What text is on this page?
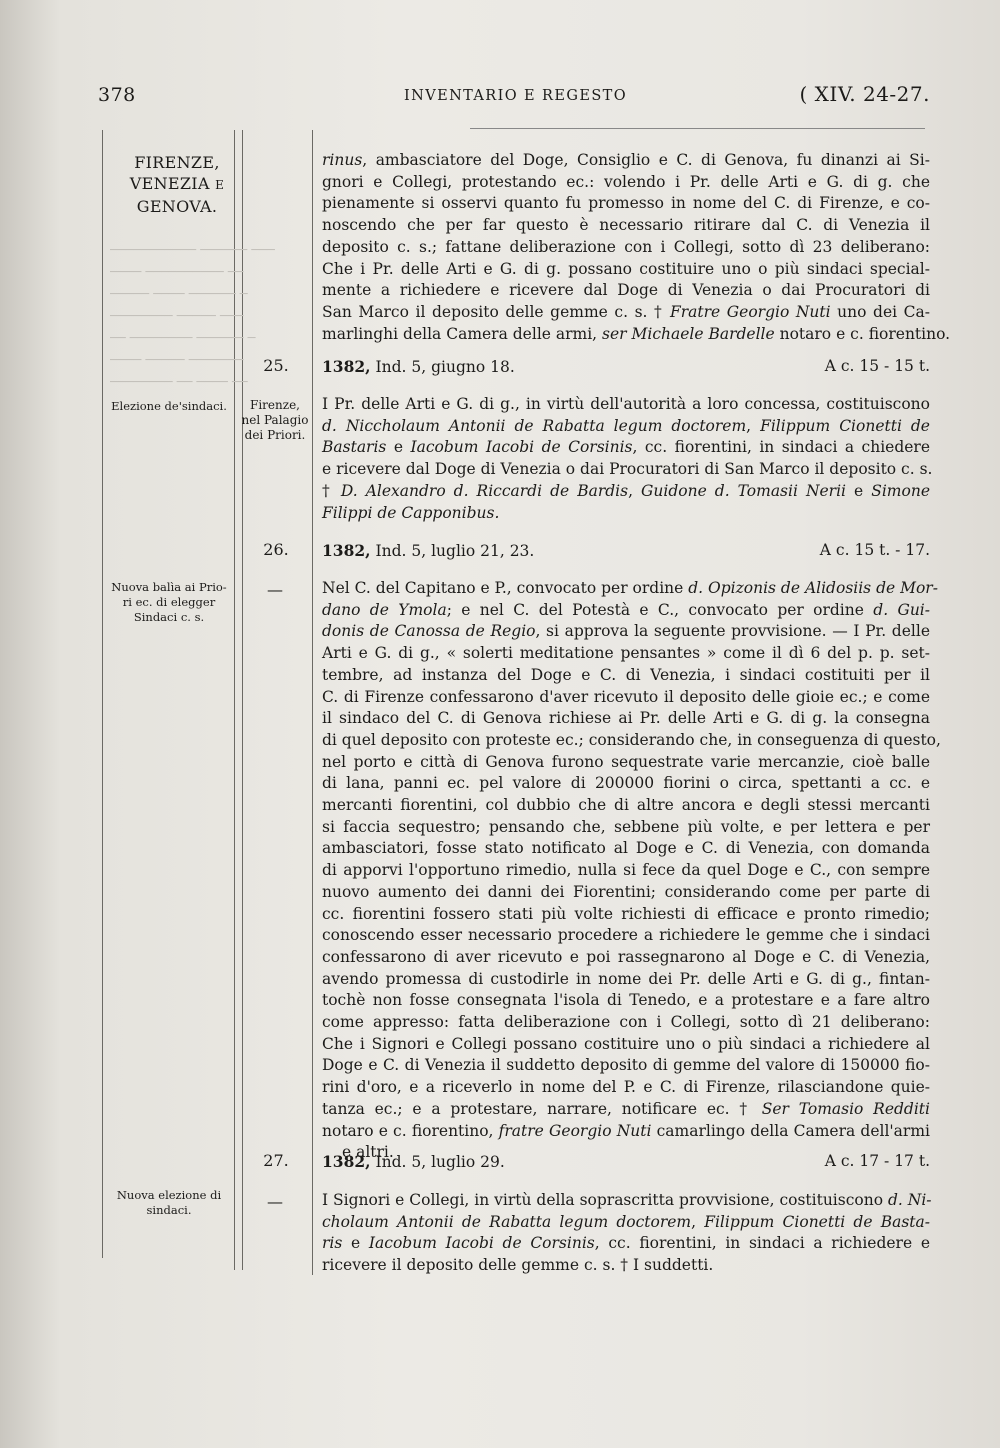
378	INVENTARIO E REGESTO	( XIV. 24-27.
─────────── ────── ───
──── ────────── ──
───── ──── ────── ─
──────── ───── ───
── ──────── ────── ─
──── ───── ───────
──────── ── ──── ──
FIRENZE,
VENEZIA E
GENOVA.
rinus, ambasciatore del Doge, Consiglio e C. di Genova, fu dinanzi ai Si-
gnori e Collegi, protestando ec.: volendo i Pr. delle Arti e G. di g. che
pienamente si osservi quanto fu promesso in nome del C. di Firenze, e co-
noscendo che per far questo è necessario ritirare dal C. di Venezia il
deposito c. s.; fattane deliberazione con i Collegi, sotto dì 23 deliberano:
Che i Pr. delle Arti e G. di g. possano costituire uno o più sindaci special-
mente a richiedere e ricevere dal Doge di Venezia o dai Procuratori di
San Marco il deposito delle gemme c. s. † Fratre Georgio Nuti uno dei Ca-
marlinghi della Camera delle armi, ser Michaele Bardelle notaro e c. fiorentino.
25.	1382, Ind. 5, giugno 18.	A c. 15 - 15 t.
Elezione de'sindaci.	Firenze,
nel Palagio
dei Priori.
I Pr. delle Arti e G. di g., in virtù dell'autorità a loro concessa, costituiscono
d. Niccholaum Antonii de Rabatta legum doctorem, Filippum Cionetti de
Bastaris e Iacobum Iacobi de Corsinis, cc. fiorentini, in sindaci a chiedere
e ricevere dal Doge di Venezia o dai Procuratori di San Marco il deposito c. s.
† D. Alexandro d. Riccardi de Bardis, Guidone d. Tomasii Nerii e Simone
Filippi de Capponibus.
26.	1382, Ind. 5, luglio 21, 23.	A c. 15 t. - 17.
Nuova balìa ai Prio-
ri ec. di elegger
Sindaci c. s.
—	Nel C. del Capitano e P., convocato per ordine d. Opizonis de Alidosiis de Mor-
dano de Ymola; e nel C. del Potestà e C., convocato per ordine d. Gui-
donis de Canossa de Regio, si approva la seguente provvisione. — I Pr. delle
Arti e G. di g., « solerti meditatione pensantes » come il dì 6 del p. p. set-
tembre, ad instanza del Doge e C. di Venezia, i sindaci costituiti per il
C. di Firenze confessarono d'aver ricevuto il deposito delle gioie ec.; e come
il sindaco del C. di Genova richiese ai Pr. delle Arti e G. di g. la consegna
di quel deposito con proteste ec.; considerando che, in conseguenza di questo,
nel porto e città di Genova furono sequestrate varie mercanzie, cioè balle
di lana, panni ec. pel valore di 200000 fiorini o circa, spettanti a cc. e
mercanti fiorentini, col dubbio che di altre ancora e degli stessi mercanti
si faccia sequestro; pensando che, sebbene più volte, e per lettera e per
ambasciatori, fosse stato notificato al Doge e C. di Venezia, con domanda
di apporvi l'opportuno rimedio, nulla si fece da quel Doge e C., con sempre
nuovo aumento dei danni dei Fiorentini; considerando come per parte di
cc. fiorentini fossero stati più volte richiesti di efficace e pronto rimedio;
conoscendo esser necessario procedere a richiedere le gemme che i sindaci
confessarono di aver ricevuto e poi rassegnarono al Doge e C. di Venezia,
avendo promessa di custodirle in nome dei Pr. delle Arti e G. di g., fintan-
tochè non fosse consegnata l'isola di Tenedo, e a protestare e a fare altro
come appresso: fatta deliberazione con i Collegi, sotto dì 21 deliberano:
Che i Signori e Collegi possano costituire uno o più sindaci a richiedere al
Doge e C. di Venezia il suddetto deposito di gemme del valore di 150000 fio-
rini d'oro, e a riceverlo in nome del P. e C. di Firenze, rilasciandone quie-
tanza ec.; e a protestare, narrare, notificare ec. † Ser Tomasio Redditi
notaro e c. fiorentino, fratre Georgio Nuti camarlingo della Camera dell'armi
e altri.
27.	1382, Ind. 5, luglio 29.	A c. 17 - 17 t.
Nuova elezione di
sindaci.	—	I Signori e Collegi, in virtù della soprascritta provvisione, costituiscono d. Ni-
cholaum Antonii de Rabatta legum doctorem, Filippum Cionetti de Basta-
ris e Iacobum Iacobi de Corsinis, cc. fiorentini, in sindaci a richiedere e
ricevere il deposito delle gemme c. s. † I suddetti.
